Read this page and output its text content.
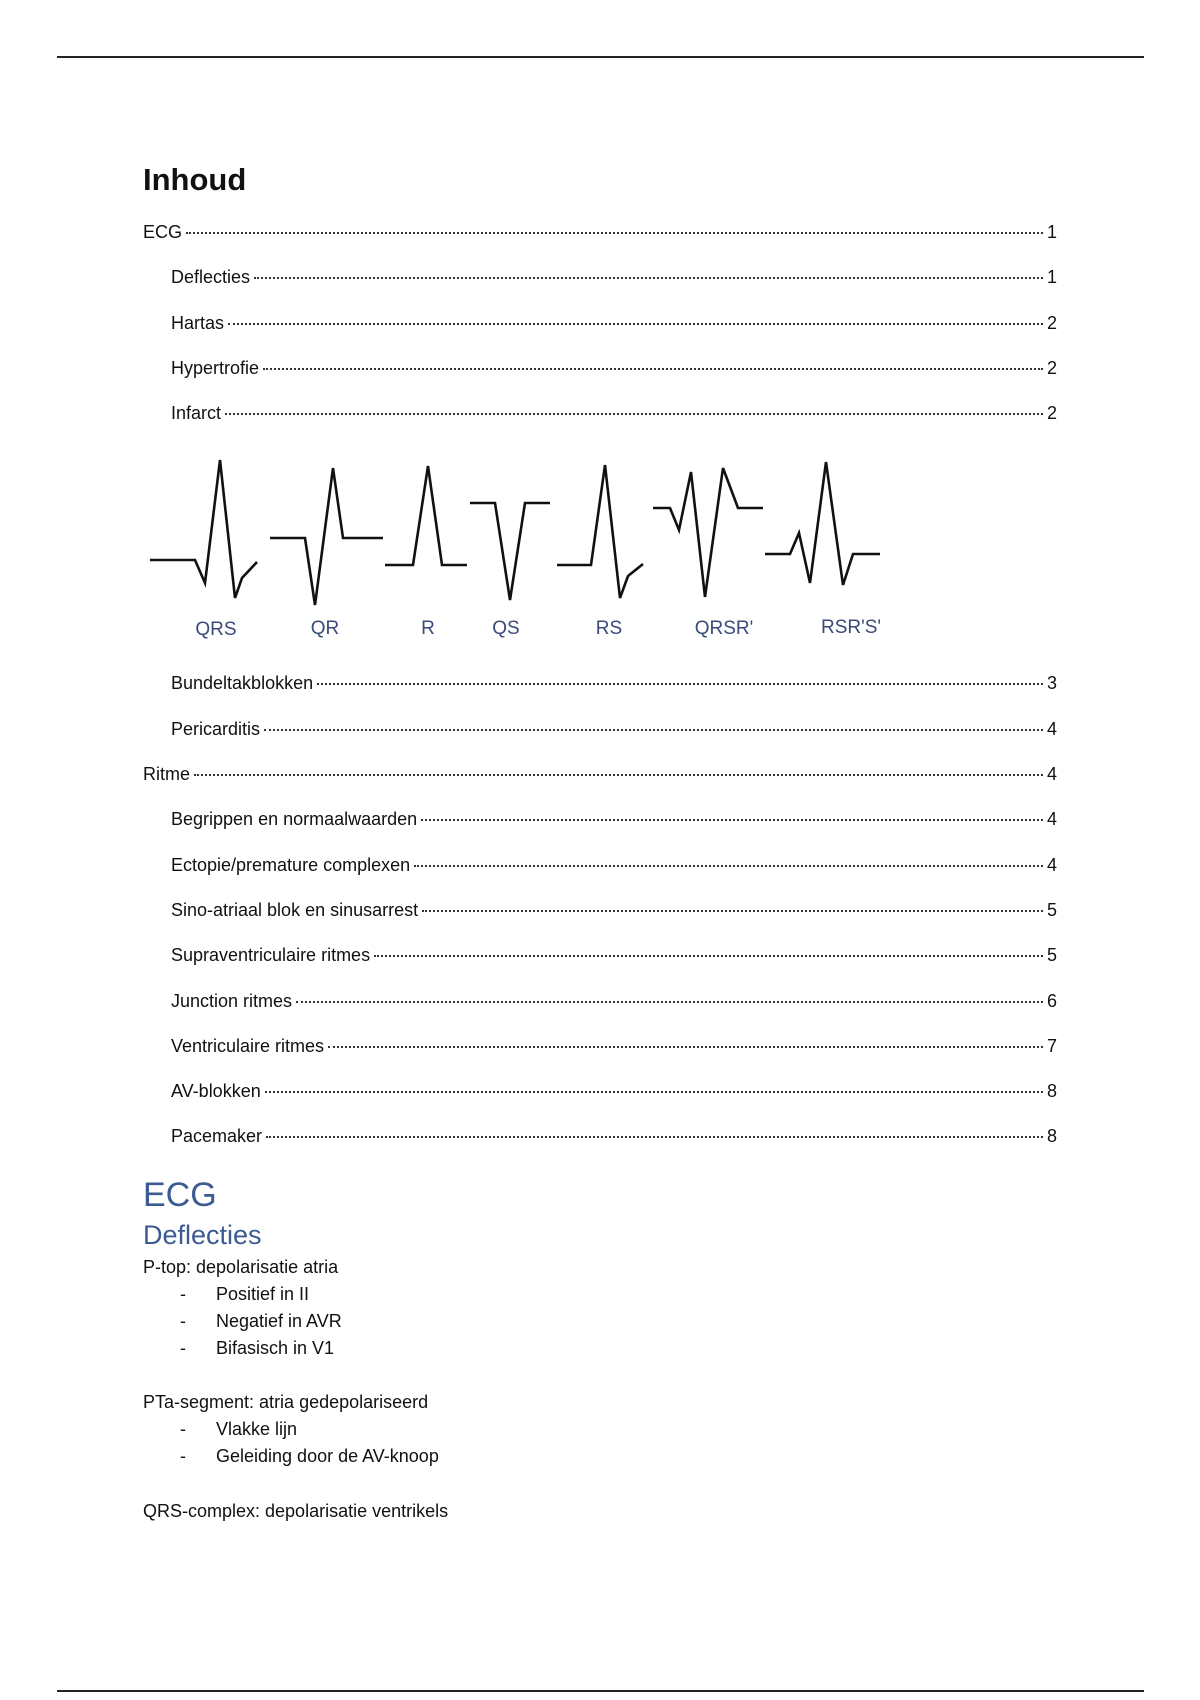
Inhoud
ECG	1
Deflecties	1
Hartas	2
Hypertrofie	2
Infarct	2
QRS	QR	R	QS	RS	QRSR'	RSR'S'
Bundeltakblokken	3
Pericarditis	4
Ritme	4
Begrippen en normaalwaarden	4
Ectopie/premature complexen	4
Sino-atriaal blok en sinusarrest	5
Supraventriculaire ritmes	5
Junction ritmes	6
Ventriculaire ritmes	7
AV-blokken	8
Pacemaker	8
ECG
Deflecties
P-top: depolarisatie atria
- Positief in II
- Negatief in AVR
- Bifasisch in V1
PTa-segment: atria gedepolariseerd
- Vlakke lijn
- Geleiding door de AV-knoop
QRS-complex: depolarisatie ventrikels
